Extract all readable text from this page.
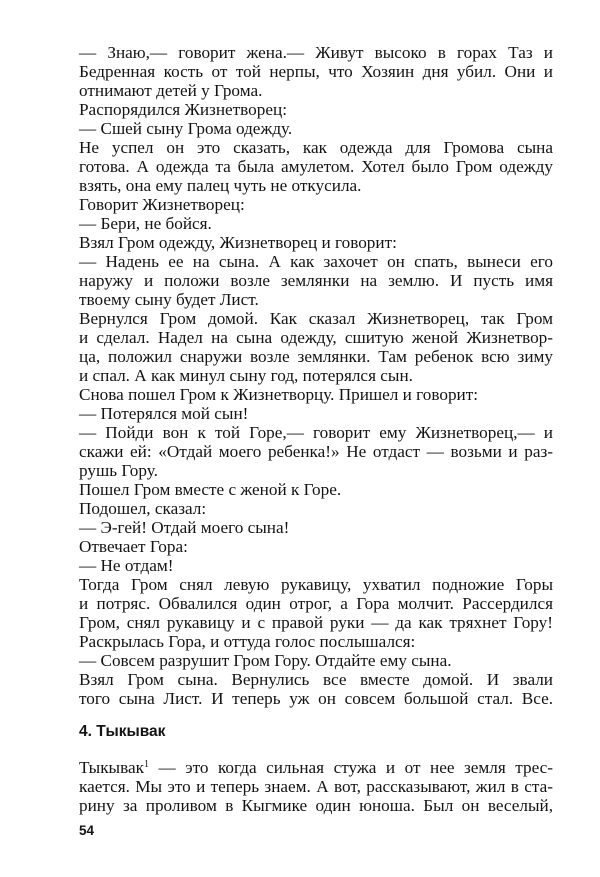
— Знаю,— говорит жена.— Живут высоко в горах Таз и
Бедренная кость от той нерпы, что Хозяин дня убил. Они и
отнимают детей у Грома.
Распорядился Жизнетворец:
— Сшей сыну Грома одежду.
Не успел он это сказать, как одежда для Громова сына
готова. А одежда та была амулетом. Хотел было Гром одежду
взять, она ему палец чуть не откусила.
Говорит Жизнетворец:
— Бери, не бойся.
Взял Гром одежду, Жизнетворец и говорит:
— Надень ее на сына. А как захочет он спать, вынеси его
наружу и положи возле землянки на землю. И пусть имя
твоему сыну будет Лист.
Вернулся Гром домой. Как сказал Жизнетворец, так Гром
и сделал. Надел на сына одежду, сшитую женой Жизнетвор-
ца, положил снаружи возле землянки. Там ребенок всю зиму
и спал. А как минул сыну год, потерялся сын.
Снова пошел Гром к Жизнетворцу. Пришел и говорит:
— Потерялся мой сын!
— Пойди вон к той Горе,— говорит ему Жизнетворец,— и
скажи ей: «Отдай моего ребенка!» Не отдаст — возьми и раз-
рушь Гору.
Пошел Гром вместе с женой к Горе.
Подошел, сказал:
— Э-гей! Отдай моего сына!
Отвечает Гора:
— Не отдам!
Тогда Гром снял левую рукавицу, ухватил подножие Горы
и потряс. Обвалился один отрог, а Гора молчит. Рассердился
Гром, снял рукавицу и с правой руки — да как тряхнет Гору!
Раскрылась Гора, и оттуда голос послышался:
— Совсем разрушит Гром Гору. Отдайте ему сына.
Взял Гром сына. Вернулись все вместе домой. И звали
того сына Лист. И теперь уж он совсем большой стал. Все.
4. Тыкывак
Тыкывак$^1$ — это когда сильная стужа и от нее земля трес-
кается. Мы это и теперь знаем. А вот, рассказывают, жил в ста-
рину за проливом в Кыгмике один юноша. Был он веселый,
54
